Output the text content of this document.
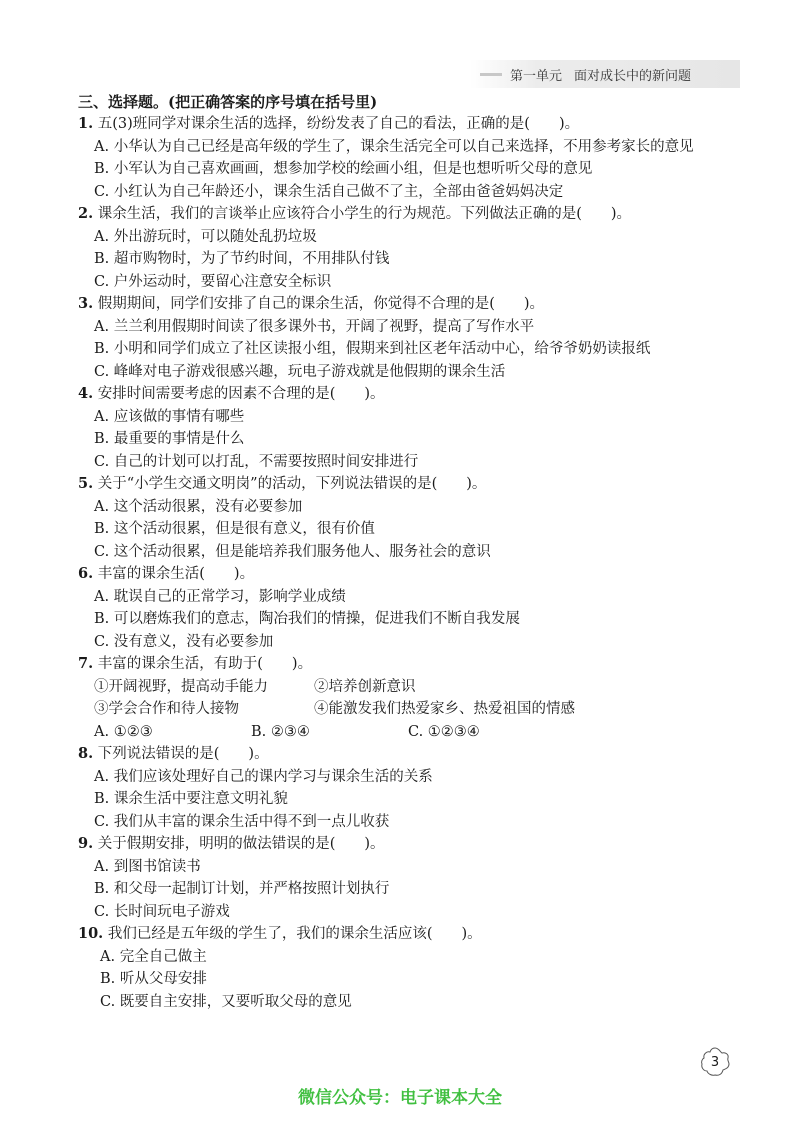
第一单元 面对成长中的新问题
三、选择题。(把正确答案的序号填在括号里)
1. 五(3)班同学对课余生活的选择，纷纷发表了自己的看法，正确的是(　　)。
A. 小华认为自己已经是高年级的学生了，课余生活完全可以自己来选择，不用参考家长的意见
B. 小军认为自己喜欢画画，想参加学校的绘画小组，但是也想听听父母的意见
C. 小红认为自己年龄还小，课余生活自己做不了主，全部由爸爸妈妈决定
2. 课余生活，我们的言谈举止应该符合小学生的行为规范。下列做法正确的是(　　)。
A. 外出游玩时，可以随处乱扔垃圾
B. 超市购物时，为了节约时间，不用排队付钱
C. 户外运动时，要留心注意安全标识
3. 假期期间，同学们安排了自己的课余生活，你觉得不合理的是(　　)。
A. 兰兰利用假期时间读了很多课外书，开阔了视野，提高了写作水平
B. 小明和同学们成立了社区读报小组，假期来到社区老年活动中心，给爷爷奶奶读报纸
C. 峰峰对电子游戏很感兴趣，玩电子游戏就是他假期的课余生活
4. 安排时间需要考虑的因素不合理的是(　　)。
A. 应该做的事情有哪些
B. 最重要的事情是什么
C. 自己的计划可以打乱，不需要按照时间安排进行
5. 关于“小学生交通文明岗”的活动，下列说法错误的是(　　)。
A. 这个活动很累，没有必要参加
B. 这个活动很累，但是很有意义，很有价值
C. 这个活动很累，但是能培养我们服务他人、服务社会的意识
6. 丰富的课余生活(　　)。
A. 耽误自己的正常学习，影响学业成绩
B. 可以磨炼我们的意志，陶冶我们的情操，促进我们不断自我发展
C. 没有意义，没有必要参加
7. 丰富的课余生活，有助于(　　)。
①开阔视野，提高动手能力	②培养创新意识
③学会合作和待人接物	④能激发我们热爱家乡、热爱祖国的情感
A. ①②③	B. ②③④	C. ①②③④
8. 下列说法错误的是(　　)。
A. 我们应该处理好自己的课内学习与课余生活的关系
B. 课余生活中要注意文明礼貌
C. 我们从丰富的课余生活中得不到一点儿收获
9. 关于假期安排，明明的做法错误的是(　　)。
A. 到图书馆读书
B. 和父母一起制订计划，并严格按照计划执行
C. 长时间玩电子游戏
10. 我们已经是五年级的学生了，我们的课余生活应该(　　)。
A. 完全自己做主
B. 听从父母安排
C. 既要自主安排，又要听取父母的意见
3
微信公众号：电子课本大全
